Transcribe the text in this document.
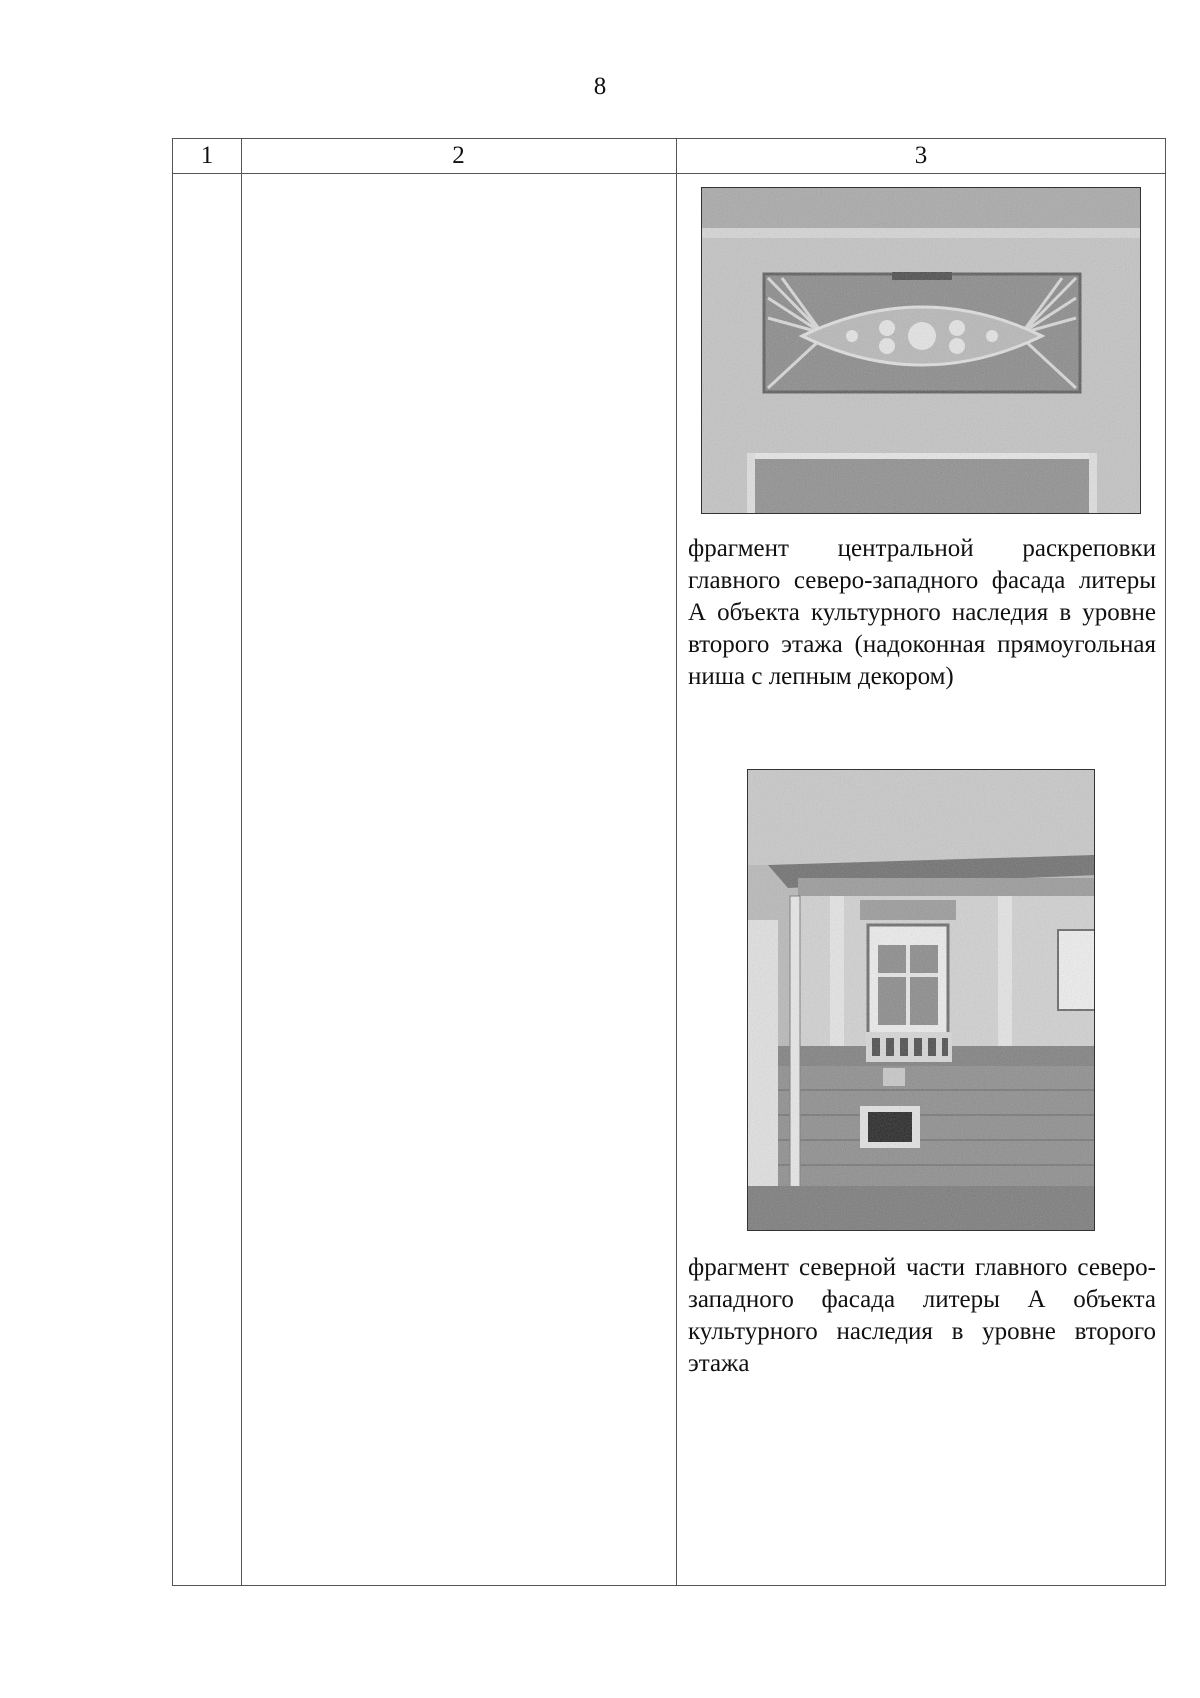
8
1	2	3
фрагмент центральной раскреповки главного северо-западного фасада литеры А объекта культурного наследия в уровне второго этажа (надоконная прямоугольная ниша с лепным декором)
фрагмент северной части главного северо-западного фасада литеры А объекта культурного наследия в уровне второго этажа
